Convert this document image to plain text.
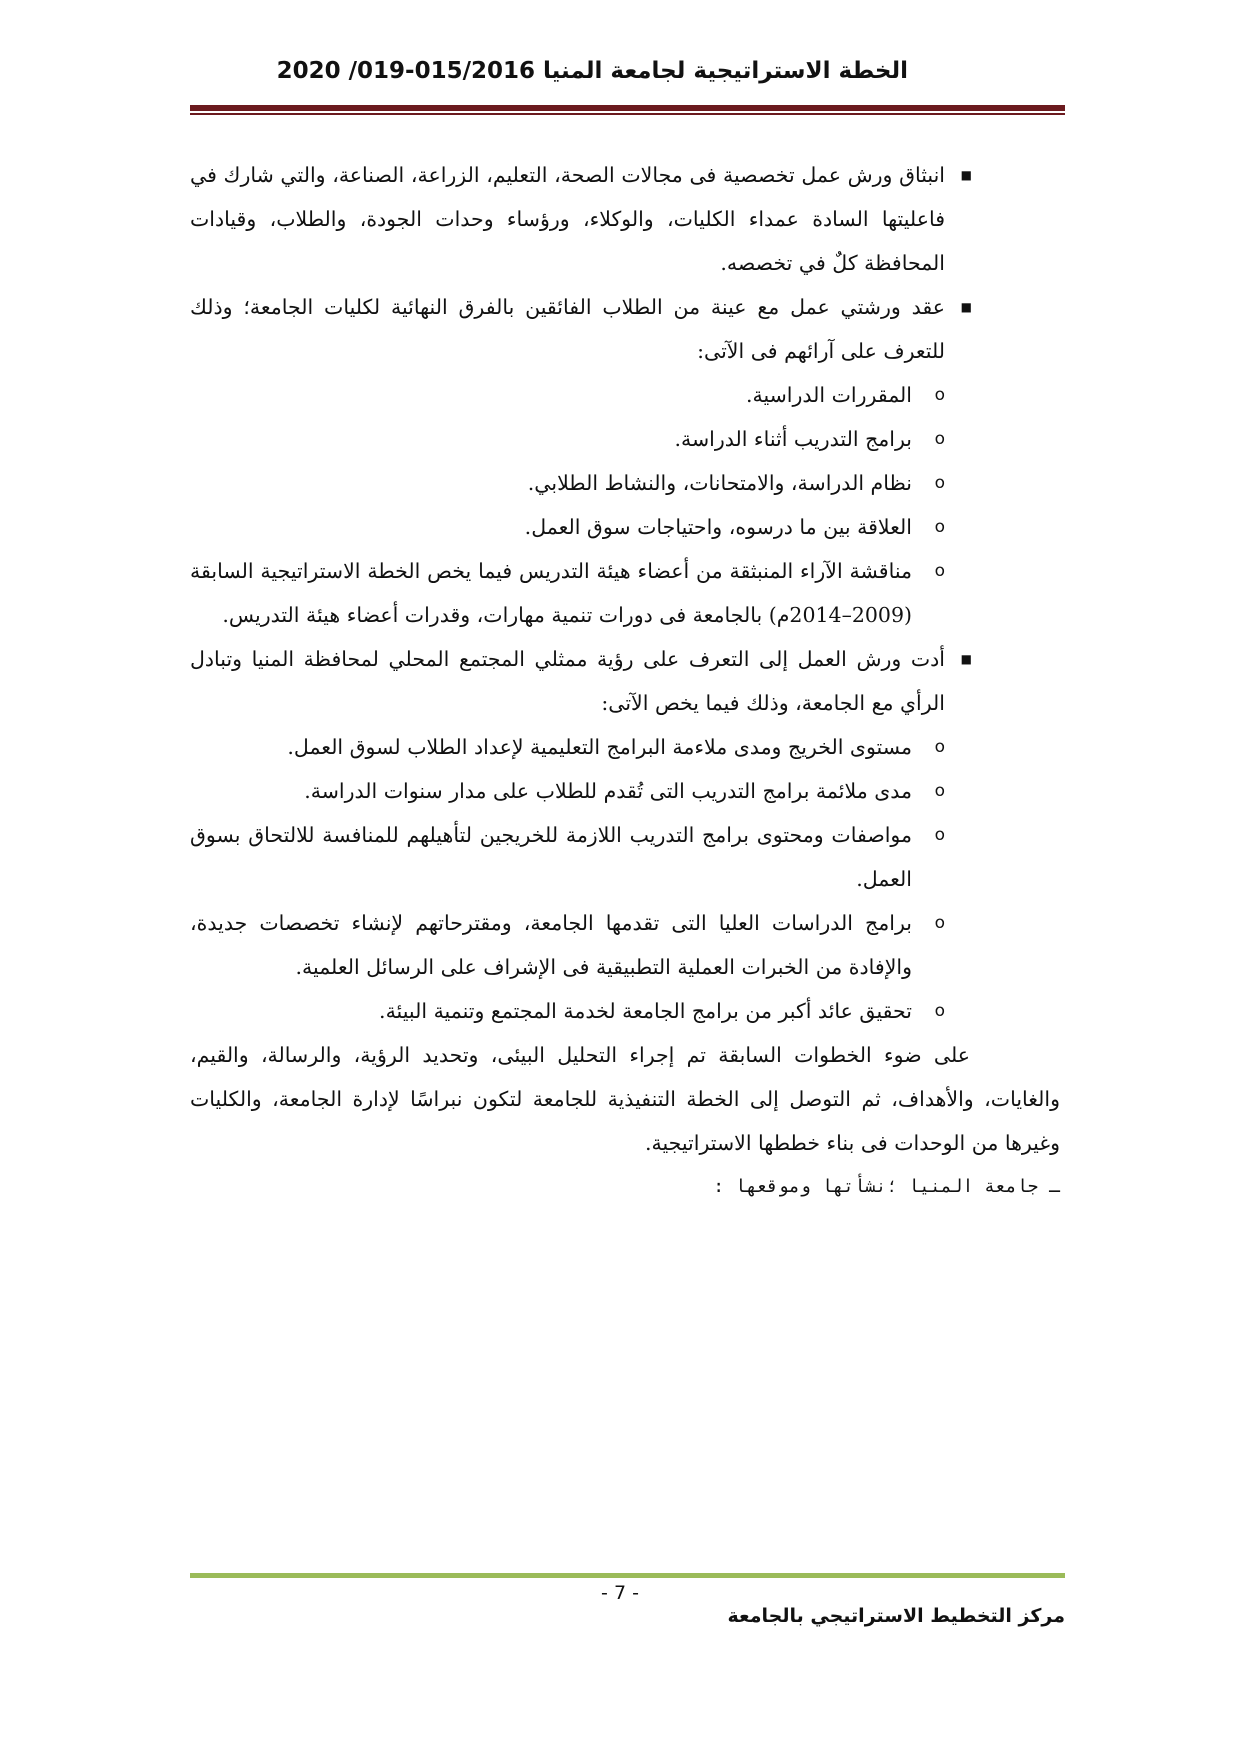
الخطة الاستراتيجية لجامعة المنيا 015/2016-019/ 2020

■
انبثاق ورش عمل تخصصية فى مجالات الصحة، التعليم، الزراعة، الصناعة، والتي شارك في فاعليتها السادة عمداء الكليات، والوكلاء، ورؤساء وحدات الجودة، والطلاب، وقيادات المحافظة كلٌ في تخصصه.

■
عقد ورشتي عمل مع عينة من الطلاب الفائقين بالفرق النهائية لكليات الجامعة؛ وذلك للتعرف على آرائهم فى الآتى:

o
المقررات الدراسية.

o
برامج التدريب أثناء الدراسة.

o
نظام الدراسة، والامتحانات، والنشاط الطلابي.

o
العلاقة بين ما درسوه، واحتياجات سوق العمل.

o
مناقشة الآراء المنبثقة من أعضاء هيئة التدريس فيما يخص الخطة الاستراتيجية السابقة (2009–2014م) بالجامعة فى دورات تنمية مهارات، وقدرات أعضاء هيئة التدريس.

■
أدت ورش العمل إلى التعرف على رؤية ممثلي المجتمع المحلي لمحافظة المنيا وتبادل الرأي مع الجامعة، وذلك فيما يخص الآتى:

o
مستوى الخريج ومدى ملاءمة البرامج التعليمية لإعداد الطلاب لسوق العمل.

o
مدى ملائمة برامج التدريب التى تُقدم للطلاب على مدار سنوات الدراسة.

o
مواصفات ومحتوى برامج التدريب اللازمة للخريجين لتأهيلهم للمنافسة للالتحاق بسوق العمل.

o
برامج الدراسات العليا التى تقدمها الجامعة، ومقترحاتهم لإنشاء تخصصات جديدة، والإفادة من الخبرات العملية التطبيقية فى الإشراف على الرسائل العلمية.

o
تحقيق عائد أكبر من برامج الجامعة لخدمة المجتمع وتنمية البيئة.

على ضوء الخطوات السابقة تم إجراء التحليل البيئى، وتحديد الرؤية، والرسالة، والقيم، والغايات، والأهداف، ثم التوصل إلى الخطة التنفيذية للجامعة لتكون نبراسًا لإدارة الجامعة، والكليات وغيرها من الوحدات فى بناء خططها الاستراتيجية.

ـ جامعة المنيا ؛نشأتها وموقعها :

- 7 -
مركز التخطيط الاستراتيجي بالجامعة
